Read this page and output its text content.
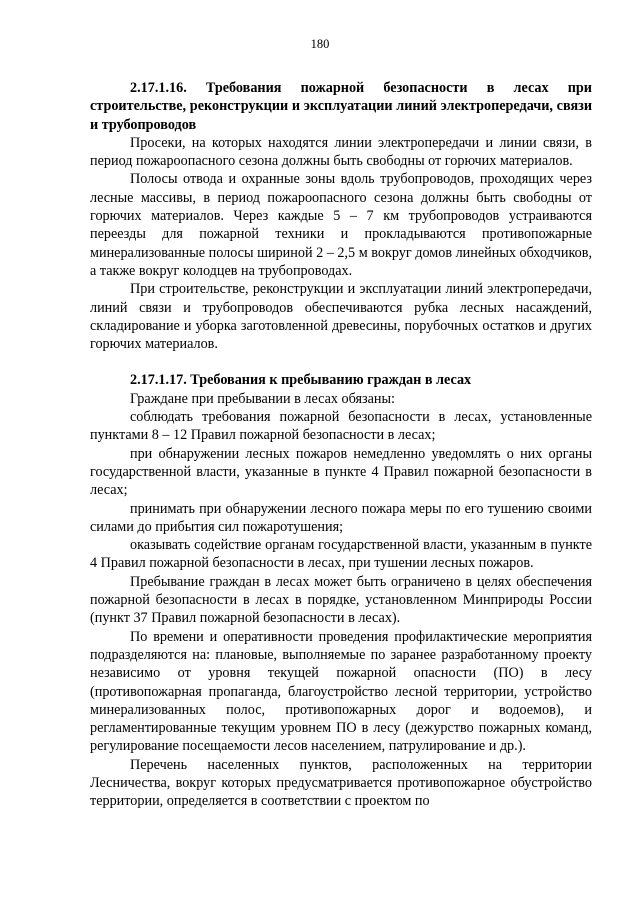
180

2.17.1.16. Требования пожарной безопасности в лесах при строительстве, реконструкции и эксплуатации линий электропередачи, связи и трубопроводов

Просеки, на которых находятся линии электропередачи и линии связи, в период пожароопасного сезона должны быть свободны от горючих материалов.

Полосы отвода и охранные зоны вдоль трубопроводов, проходящих через лесные массивы, в период пожароопасного сезона должны быть свободны от горючих материалов. Через каждые 5 – 7 км трубопроводов устраиваются переезды для пожарной техники и прокладываются противопожарные минерализованные полосы шириной 2 – 2,5 м вокруг домов линейных обходчиков, а также вокруг колодцев на трубопроводах.

При строительстве, реконструкции и эксплуатации линий электропередачи, линий связи и трубопроводов обеспечиваются рубка лесных насаждений, складирование и уборка заготовленной древесины, порубочных остатков и других горючих материалов.

2.17.1.17. Требования к пребыванию граждан в лесах

Граждане при пребывании в лесах обязаны:

соблюдать требования пожарной безопасности в лесах, установленные пунктами 8 – 12 Правил пожарной безопасности в лесах;

при обнаружении лесных пожаров немедленно уведомлять о них органы государственной власти, указанные в пункте 4 Правил пожарной безопасности в лесах;

принимать при обнаружении лесного пожара меры по его тушению своими силами до прибытия сил пожаротушения;

оказывать содействие органам государственной власти, указанным в пункте 4 Правил пожарной безопасности в лесах, при тушении лесных пожаров.

Пребывание граждан в лесах может быть ограничено в целях обеспечения пожарной безопасности в лесах в порядке, установленном Минприроды России (пункт 37 Правил пожарной безопасности в лесах).

По времени и оперативности проведения профилактические мероприятия подразделяются на: плановые, выполняемые по заранее разработанному проекту независимо от уровня текущей пожарной опасности (ПО) в лесу (противопожарная пропаганда, благоустройство лесной территории, устройство минерализованных полос, противопожарных дорог и водоемов), и регламентированные текущим уровнем ПО в лесу (дежурство пожарных команд, регулирование посещаемости лесов населением, патрулирование и др.).

Перечень населенных пунктов, расположенных на территории Лесничества, вокруг которых предусматривается противопожарное обустройство территории, определяется в соответствии с проектом по
